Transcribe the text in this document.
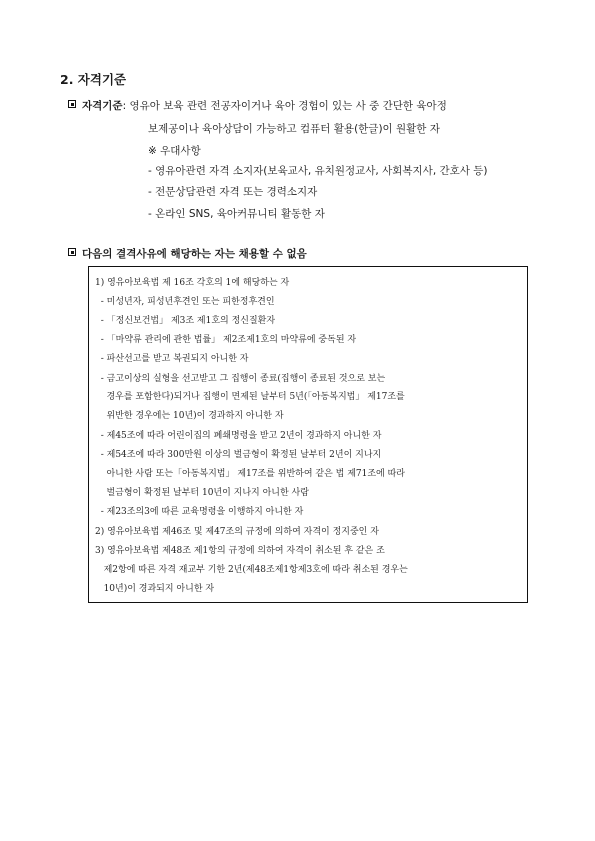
2. 자격기준
자격기준: 영유아 보육 관련 전공자이거나 육아 경험이 있는 사 중 간단한 육아정
보제공이나 육아상담이 가능하고 컴퓨터 활용(한글)이 원활한 자
※ 우대사항
- 영유아관련 자격 소지자(보육교사, 유치원정교사, 사회복지사, 간호사 등)
- 전문상담관련 자격 또는 경력소지자
- 온라인 SNS, 육아커뮤니티 활동한 자
다음의 결격사유에 해당하는 자는 채용할 수 없음
1) 영유아보육법 제 16조 각호의 1에 해당하는 자
- 미성년자, 피성년후견인 또는 피한정후견인
- 「정신보건법」 제3조 제1호의 정신질환자
- 「마약류 관리에 관한 법률」 제2조제1호의 마약류에 중독된 자
- 파산선고를 받고 복권되지 아니한 자
- 금고이상의 실형을 선고받고 그 집행이 종료(집행이 종료된 것으로 보는
경우를 포함한다)되거나 집행이 면제된 날부터 5년(「아동복지법」 제17조를
위반한 경우에는 10년)이 경과하지 아니한 자
- 제45조에 따라 어린이집의 폐쇄명령을 받고 2년이 경과하지 아니한 자
- 제54조에 따라 300만원 이상의 벌금형이 확정된 날부터 2년이 지나지
아니한 사람 또는「아동복지법」 제17조를 위반하여 같은 법 제71조에 따라
벌금형이 확정된 날부터 10년이 지나지 아니한 사람
- 제23조의3에 따른 교육명령을 이행하지 아니한 자
2) 영유아보육법 제46조 및 제47조의 규정에 의하여 자격이 정지중인 자
3) 영유아보육법 제48조 제1항의 규정에 의하여 자격이 취소된 후 같은 조
제2항에 따른 자격 재교부 기한 2년(제48조제1항제3호에 따라 취소된 경우는
10년)이 경과되지 아니한 자
